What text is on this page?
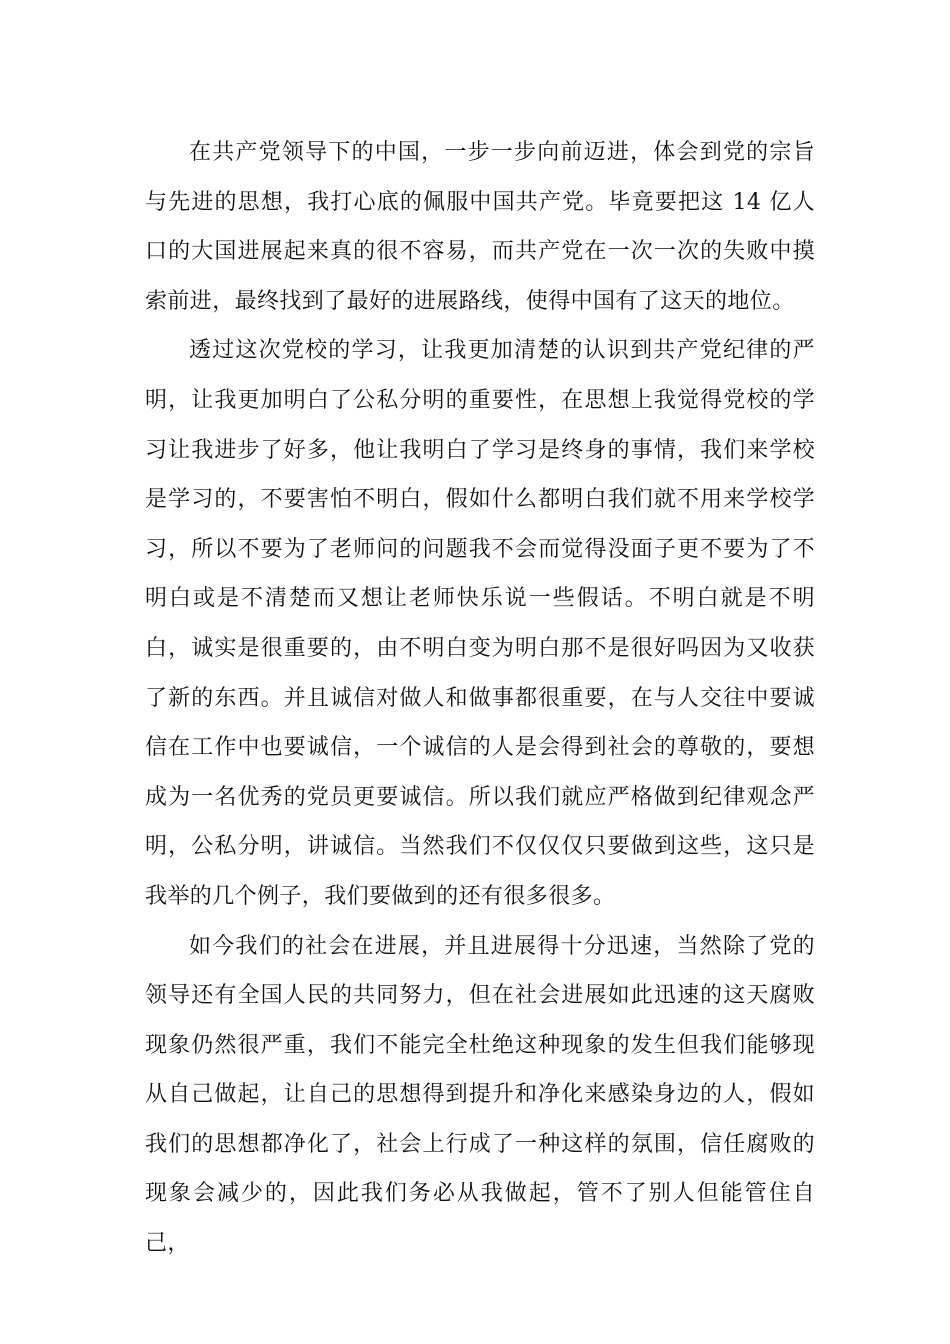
在共产党领导下的中国，一步一步向前迈进，体会到党的宗旨与先进的思想，我打心底的佩服中国共产党。毕竟要把这 14 亿人口的大国进展起来真的很不容易，而共产党在一次一次的失败中摸索前进，最终找到了最好的进展路线，使得中国有了这天的地位。

透过这次党校的学习，让我更加清楚的认识到共产党纪律的严明，让我更加明白了公私分明的重要性，在思想上我觉得党校的学习让我进步了好多，他让我明白了学习是终身的事情，我们来学校是学习的，不要害怕不明白，假如什么都明白我们就不用来学校学习，所以不要为了老师问的问题我不会而觉得没面子更不要为了不明白或是不清楚而又想让老师快乐说一些假话。不明白就是不明白，诚实是很重要的，由不明白变为明白那不是很好吗因为又收获了新的东西。并且诚信对做人和做事都很重要，在与人交往中要诚信在工作中也要诚信，一个诚信的人是会得到社会的尊敬的，要想成为一名优秀的党员更要诚信。所以我们就应严格做到纪律观念严明，公私分明，讲诚信。当然我们不仅仅仅只要做到这些，这只是我举的几个例子，我们要做到的还有很多很多。

如今我们的社会在进展，并且进展得十分迅速，当然除了党的领导还有全国人民的共同努力，但在社会进展如此迅速的这天腐败现象仍然很严重，我们不能完全杜绝这种现象的发生但我们能够现从自己做起，让自己的思想得到提升和净化来感染身边的人，假如我们的思想都净化了，社会上行成了一种这样的氛围，信任腐败的现象会减少的，因此我们务必从我做起，管不了别人但能管住自己，
